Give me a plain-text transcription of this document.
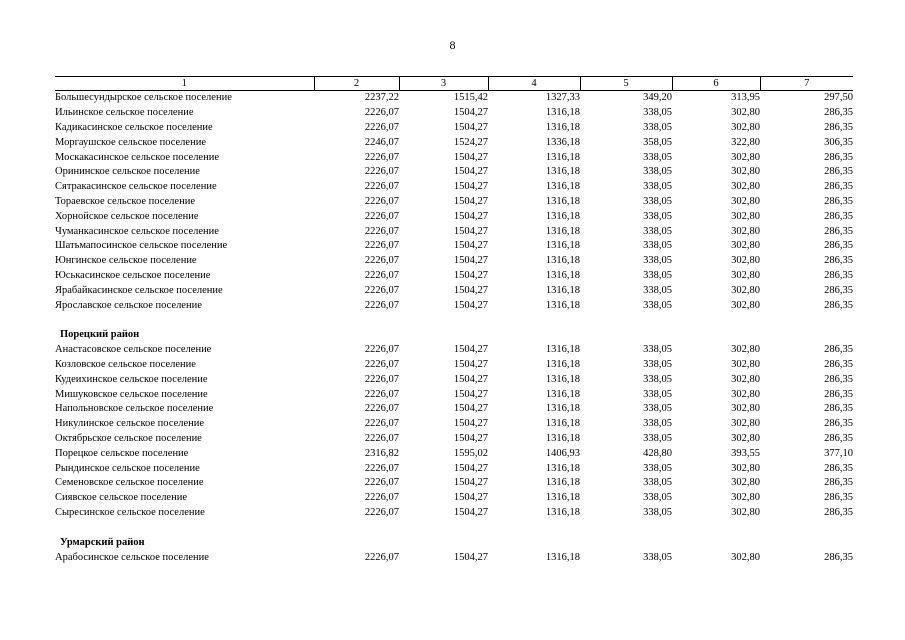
8
1	2	3	4	5	6	7
Большесундырское сельское поселение	2237,22	1515,42	1327,33	349,20	313,95	297,50
Ильинское сельское поселение	2226,07	1504,27	1316,18	338,05	302,80	286,35
Кадикасинское сельское поселение	2226,07	1504,27	1316,18	338,05	302,80	286,35
Моргаушское сельское поселение	2246,07	1524,27	1336,18	358,05	322,80	306,35
Москакасинское сельское поселение	2226,07	1504,27	1316,18	338,05	302,80	286,35
Орининское сельское поселение	2226,07	1504,27	1316,18	338,05	302,80	286,35
Сятракасинское сельское поселение	2226,07	1504,27	1316,18	338,05	302,80	286,35
Тораевское сельское поселение	2226,07	1504,27	1316,18	338,05	302,80	286,35
Хорнойское сельское поселение	2226,07	1504,27	1316,18	338,05	302,80	286,35
Чуманкасинское сельское поселение	2226,07	1504,27	1316,18	338,05	302,80	286,35
Шатьмапосинское сельское поселение	2226,07	1504,27	1316,18	338,05	302,80	286,35
Юнгинское сельское поселение	2226,07	1504,27	1316,18	338,05	302,80	286,35
Юськасинское сельское поселение	2226,07	1504,27	1316,18	338,05	302,80	286,35
Ярабайкасинское сельское поселение	2226,07	1504,27	1316,18	338,05	302,80	286,35
Ярославское сельское поселение	2226,07	1504,27	1316,18	338,05	302,80	286,35

Порецкий район						
Анастасовское сельское поселение	2226,07	1504,27	1316,18	338,05	302,80	286,35
Козловское сельское поселение	2226,07	1504,27	1316,18	338,05	302,80	286,35
Кудеихинское сельское поселение	2226,07	1504,27	1316,18	338,05	302,80	286,35
Мишуковское сельское поселение	2226,07	1504,27	1316,18	338,05	302,80	286,35
Напольновское сельское поселение	2226,07	1504,27	1316,18	338,05	302,80	286,35
Никулинское сельское поселение	2226,07	1504,27	1316,18	338,05	302,80	286,35
Октябрьское сельское поселение	2226,07	1504,27	1316,18	338,05	302,80	286,35
Порецкое сельское поселение	2316,82	1595,02	1406,93	428,80	393,55	377,10
Рындинское сельское поселение	2226,07	1504,27	1316,18	338,05	302,80	286,35
Семеновское сельское поселение	2226,07	1504,27	1316,18	338,05	302,80	286,35
Сиявское сельское поселение	2226,07	1504,27	1316,18	338,05	302,80	286,35
Сыресинское сельское поселение	2226,07	1504,27	1316,18	338,05	302,80	286,35

Урмарский район						
Арабосинское сельское поселение	2226,07	1504,27	1316,18	338,05	302,80	286,35
